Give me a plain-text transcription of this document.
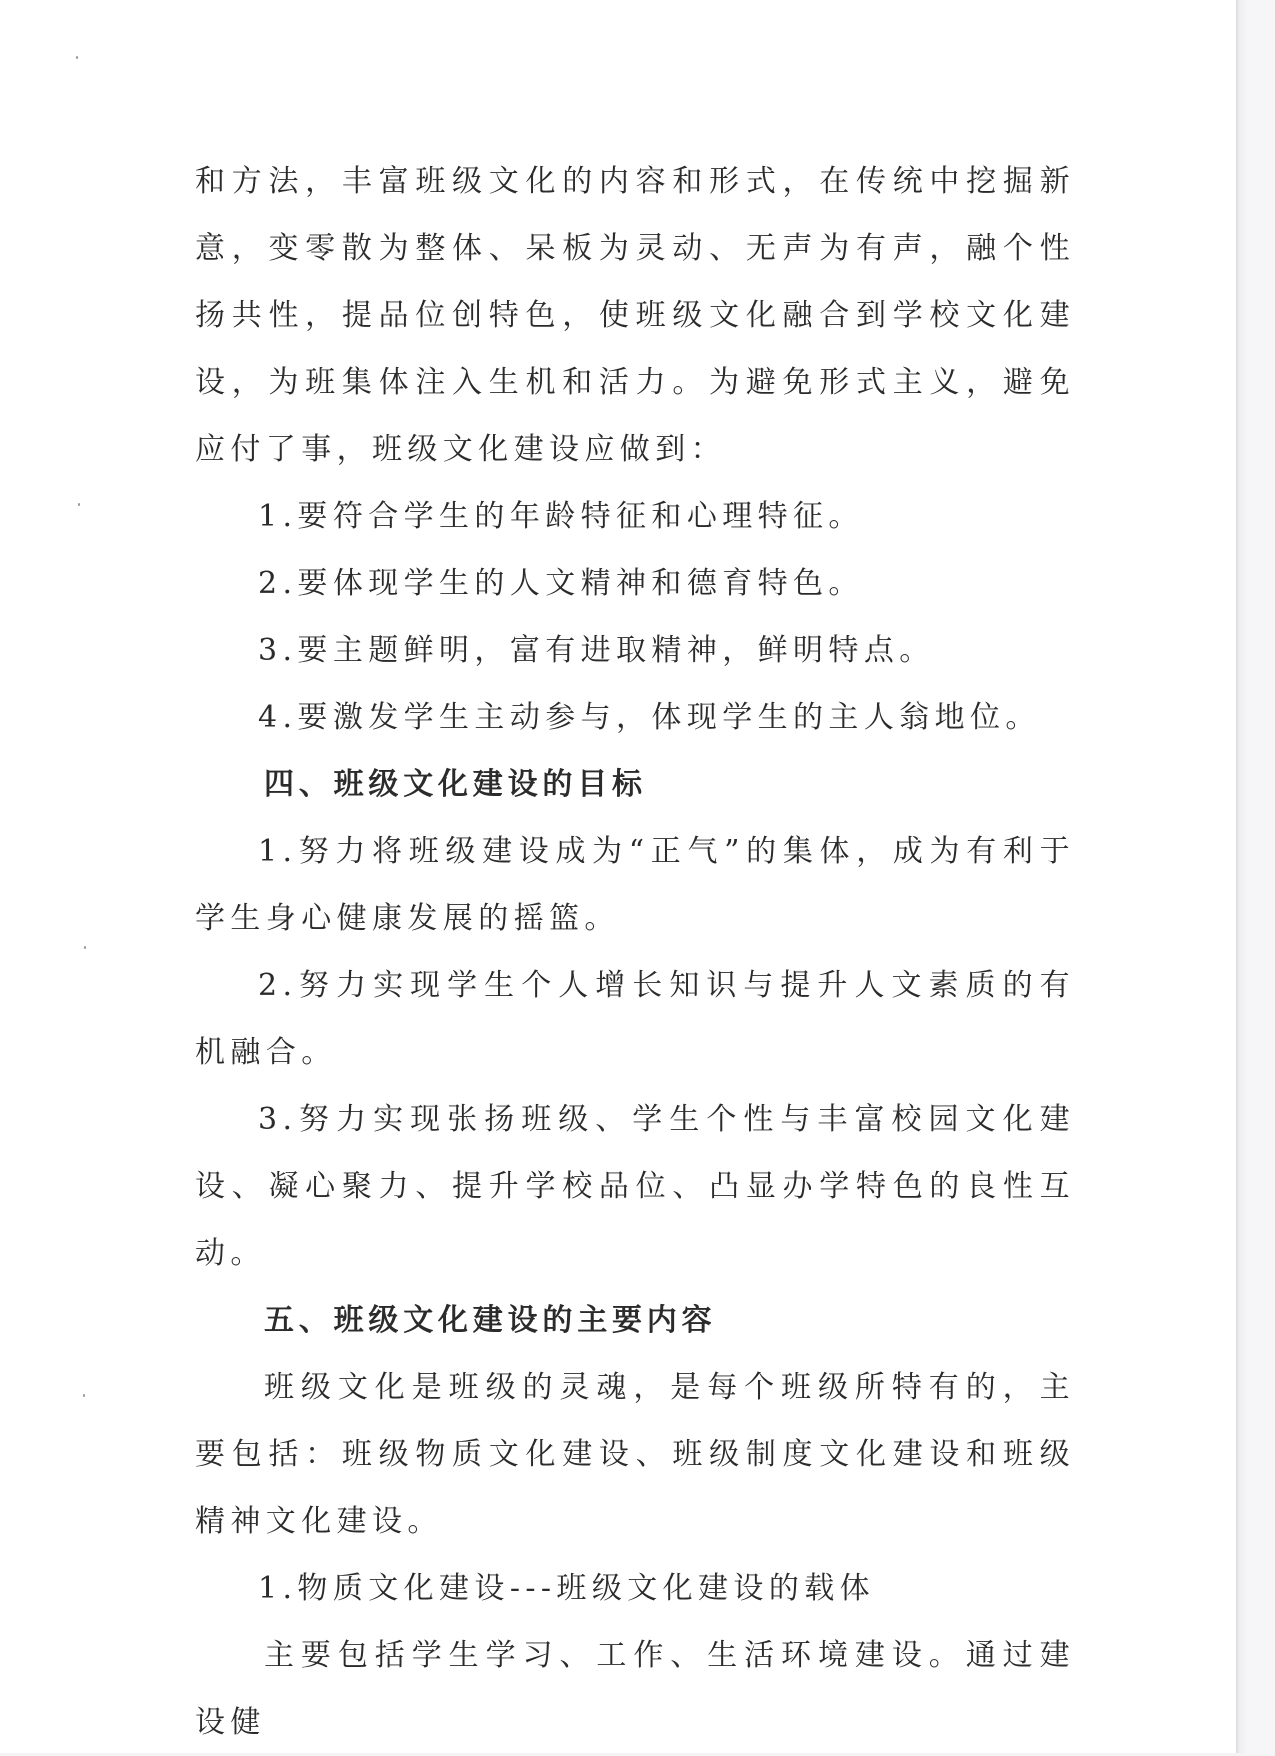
和方法，丰富班级文化的内容和形式，在传统中挖掘新意，变零散为整体、呆板为灵动、无声为有声，融个性扬共性，提品位创特色，使班级文化融合到学校文化建设，为班集体注入生机和活力。为避免形式主义，避免应付了事，班级文化建设应做到：

1.要符合学生的年龄特征和心理特征。

2.要体现学生的人文精神和德育特色。

3.要主题鲜明，富有进取精神，鲜明特点。

4.要激发学生主动参与，体现学生的主人翁地位。

四、班级文化建设的目标

1.努力将班级建设成为“正气”的集体，成为有利于学生身心健康发展的摇篮。

2.努力实现学生个人增长知识与提升人文素质的有机融合。

3.努力实现张扬班级、学生个性与丰富校园文化建设、凝心聚力、提升学校品位、凸显办学特色的良性互动。

五、班级文化建设的主要内容

班级文化是班级的灵魂，是每个班级所特有的，主要包括：班级物质文化建设、班级制度文化建设和班级精神文化建设。

1.物质文化建设---班级文化建设的载体

主要包括学生学习、工作、生活环境建设。通过建设健
